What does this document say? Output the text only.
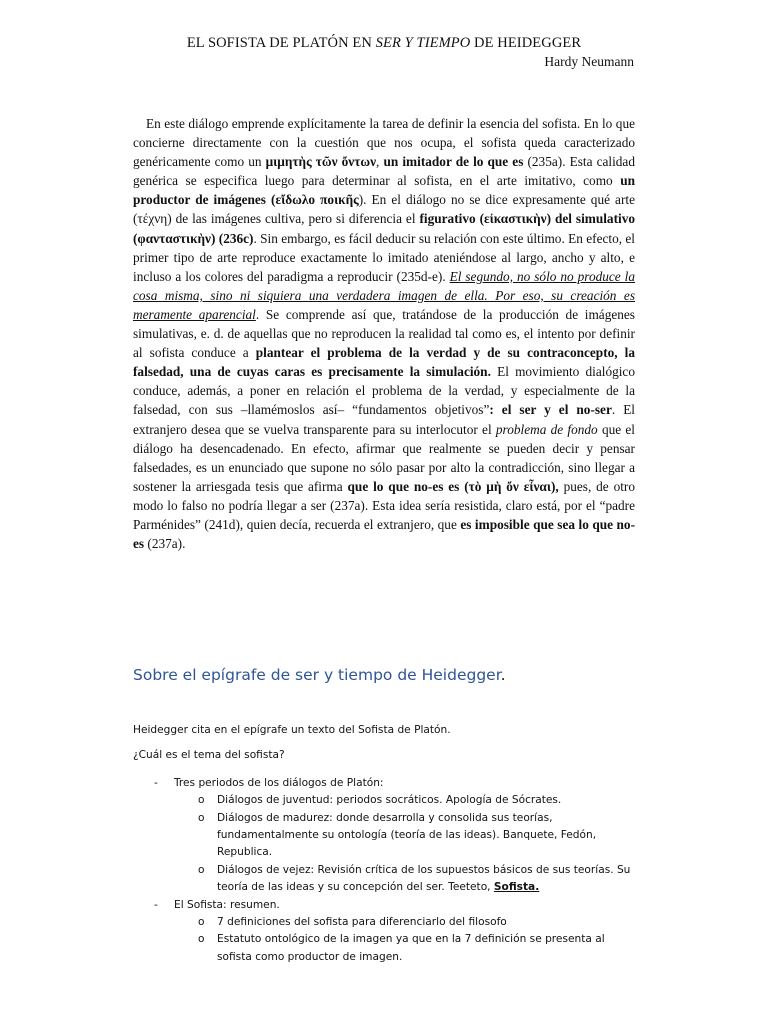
EL SOFISTA DE PLATÓN EN SER Y TIEMPO DE HEIDEGGER
Hardy Neumann

En este diálogo emprende explícitamente la tarea de definir la esencia del sofista. En lo que concierne directamente con la cuestión que nos ocupa, el sofista queda caracterizado genéricamente como un μιμητὴς τῶν ὄντων, un imitador de lo que es (235a). Esta calidad genérica se especifica luego para determinar al sofista, en el arte imitativo, como un productor de imágenes (εἴδωλο ποικῆς). En el diálogo no se dice expresamente qué arte (τέχνη) de las imágenes cultiva, pero si diferencia el figurativo (εἰκαστικὴν) del simulativo (φανταστικὴν) (236c). Sin embargo, es fácil deducir su relación con este último. En efecto, el primer tipo de arte reproduce exactamente lo imitado ateniéndose al largo, ancho y alto, e incluso a los colores del paradigma a reproducir (235d-e). El segundo, no sólo no produce la cosa misma, sino ni siquiera una verdadera imagen de ella. Por eso, su creación es meramente aparencial. Se comprende así que, tratándose de la producción de imágenes simulativas, e. d. de aquellas que no reproducen la realidad tal como es, el intento por definir al sofista conduce a plantear el problema de la verdad y de su contraconcepto, la falsedad, una de cuyas caras es precisamente la simulación. El movimiento dialógico conduce, además, a poner en relación el problema de la verdad, y especialmente de la falsedad, con sus –llamémoslos así– “fundamentos objetivos”: el ser y el no-ser. El extranjero desea que se vuelva transparente para su interlocutor el problema de fondo que el diálogo ha desencadenado. En efecto, afirmar que realmente se pueden decir y pensar falsedades, es un enunciado que supone no sólo pasar por alto la contradicción, sino llegar a sostener la arriesgada tesis que afirma que lo que no-es es (τὸ μὴ ὄν εἶναι), pues, de otro modo lo falso no podría llegar a ser (237a). Esta idea sería resistida, claro está, por el “padre Parménides” (241d), quien decía, recuerda el extranjero, que es imposible que sea lo que no-es (237a).

Sobre el epígrafe de ser y tiempo de Heidegger.

Heidegger cita en el epígrafe un texto del Sofista de Platón.

¿Cuál es el tema del sofista?

- Tres periodos de los diálogos de Platón:
o Diálogos de juventud: periodos socráticos. Apología de Sócrates.
o Diálogos de madurez: donde desarrolla y consolida sus teorías, fundamentalmente su ontología (teoría de las ideas). Banquete, Fedón, Republica.
o Diálogos de vejez: Revisión crítica de los supuestos básicos de sus teorías. Su teoría de las ideas y su concepción del ser. Teeteto, Sofista.
- El Sofista: resumen.
o 7 definiciones del sofista para diferenciarlo del filosofo
o Estatuto ontológico de la imagen ya que en la 7 definición se presenta al sofista como productor de imagen.
